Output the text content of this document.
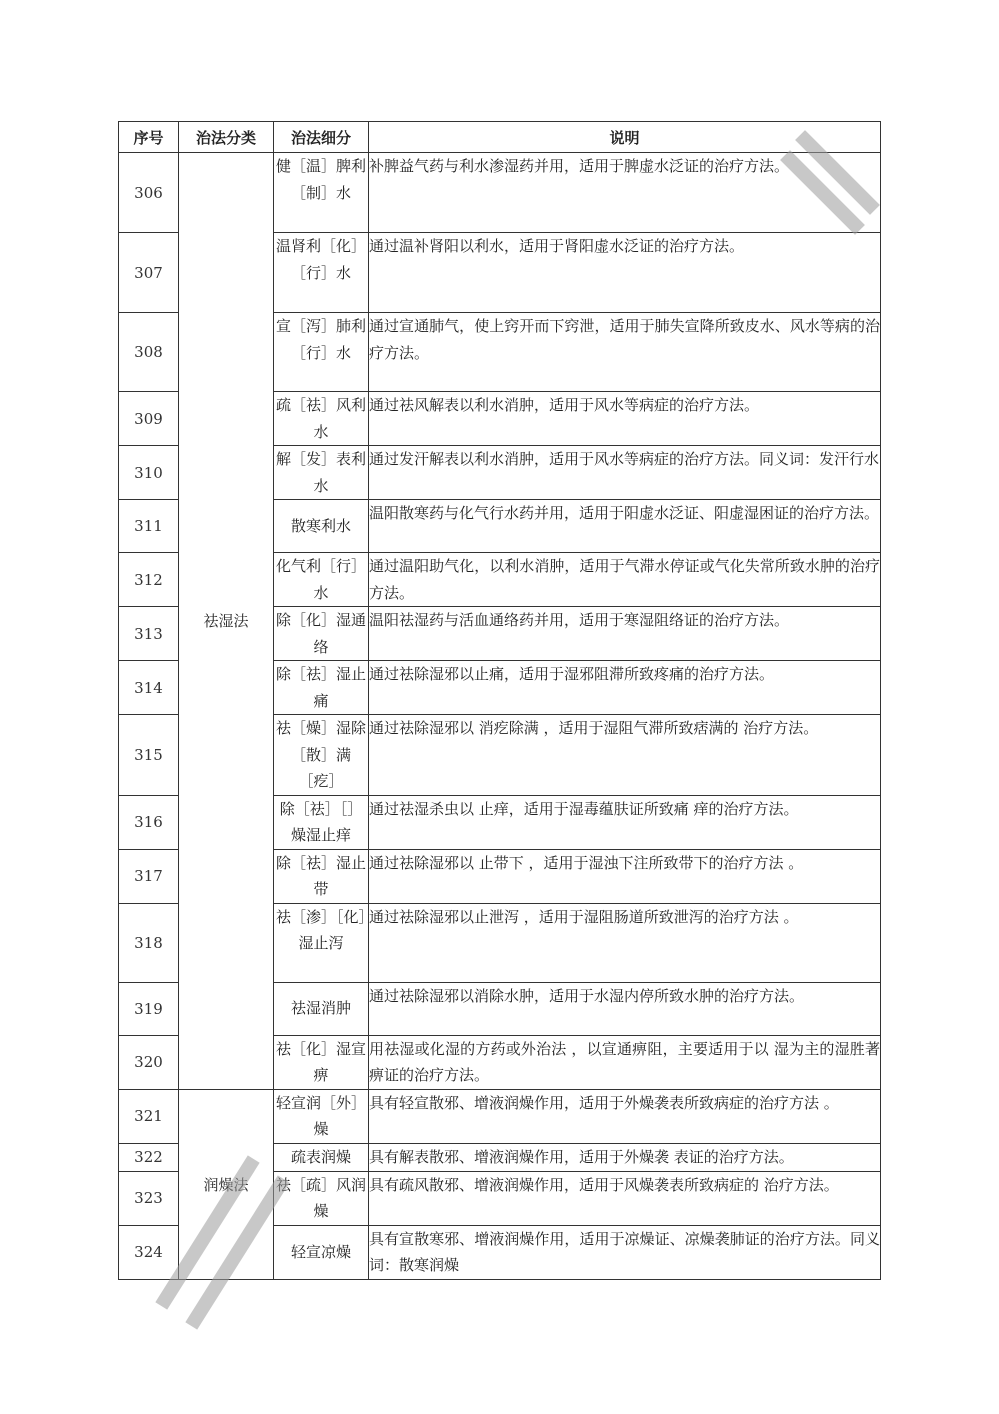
序号	治法分类	治法细分	说明
306	祛湿法	健［温］脾利［制］水	补脾益气药与利水渗湿药并用，适用于脾虚水泛证的治疗方法。
307		温肾利［化］［行］水	通过温补肾阳以利水，适用于肾阳虚水泛证的治疗方法。
308		宣［泻］肺利［行］水	通过宣通肺气，使上窍开而下窍泄，适用于肺失宣降所致皮水、风水等病的治疗方法。
309		疏［祛］风利水	通过祛风解表以利水消肿，适用于风水等病症的治疗方法。
310		解［发］表利水	通过发汗解表以利水消肿，适用于风水等病症的治疗方法。同义词：发汗行水
311		散寒利水	温阳散寒药与化气行水药并用，适用于阳虚水泛证、阳虚湿困证的治疗方法。
312		化气利［行］水	通过温阳助气化，以利水消肿，适用于气滞水停证或气化失常所致水肿的治疗方法。
313		除［化］湿通络	温阳祛湿药与活血通络药并用，适用于寒湿阻络证的治疗方法。
314		除［祛］湿止痛	通过祛除湿邪以止痛，适用于湿邪阻滞所致疼痛的治疗方法。
315		祛［燥］湿除［散］满［疙］	通过祛除湿邪以 消疙除满 ，适用于湿阻气滞所致痞满的 治疗方法。
316		除［祛］［］燥湿止痒	通过祛湿杀虫以 止痒，适用于湿毒蕴肤证所致痛 痒的治疗方法。
317		除［祛］湿止带	通过祛除湿邪以 止带下 ，适用于湿浊下注所致带下的治疗方法 。
318		祛［渗］［化］湿止泻	通过祛除湿邪以止泄泻 ，适用于湿阻肠道所致泄泻的治疗方法 。
319		祛湿消肿	通过祛除湿邪以消除水肿，适用于水湿内停所致水肿的治疗方法。
320		祛［化］湿宣痹	用祛湿或化湿的方药或外治法 ，以宣通痹阻，主要适用于以 湿为主的湿胜著痹证的治疗方法。
321	润燥法	轻宣润［外］燥	具有轻宣散邪、增液润燥作用，适用于外燥袭表所致病症的治疗方法 。
322		疏表润燥	具有解表散邪、增液润燥作用，适用于外燥袭 表证的治疗方法。
323		祛［疏］风润燥	具有疏风散邪、增液润燥作用，适用于风燥袭表所致病症的 治疗方法。
324		轻宣凉燥	具有宣散寒邪、增液润燥作用，适用于凉燥证、凉燥袭肺证的治疗方法。同义词：散寒润燥
